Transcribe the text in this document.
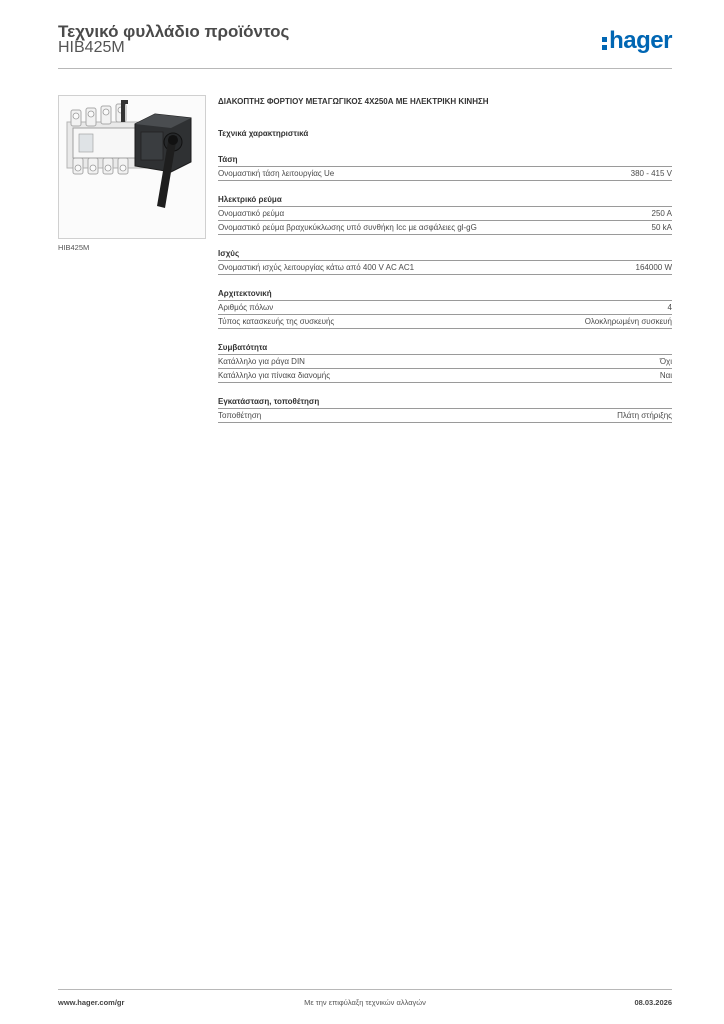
Τεχνικό φυλλάδιο προϊόντος
HIB425M	hager
HIB425M
ΔΙΑΚΟΠΤΗΣ ΦΟΡΤΙΟΥ ΜΕΤΑΓΩΓΙΚΟΣ 4Χ250Α ΜΕ ΗΛΕΚΤΡΙΚΗ ΚΙΝΗΣΗ
Τεχνικά χαρακτηριστικά
Τάση
Ονομαστική τάση λειτουργίας Ue	380 - 415 V
Ηλεκτρικό ρεύμα
Ονομαστικό ρεύμα	250 A
Ονομαστικό ρεύμα βραχυκύκλωσης υπό συνθήκη Icc με ασφάλειες gl-gG	50 kA
Ισχύς
Ονομαστική ισχύς λειτουργίας κάτω από 400 V AC AC1	164000 W
Αρχιτεκτονική
Αριθμός πόλων	4
Τύπος κατασκευής της συσκευής	Ολοκληρωμένη συσκευή
Συμβατότητα
Κατάλληλο για ράγα DIN	Όχι
Κατάλληλο για πίνακα διανομής	Ναι
Εγκατάσταση, τοποθέτηση
Τοποθέτηση	Πλάτη στήριξης
www.hager.com/gr	Με την επιφύλαξη τεχνικών αλλαγών	08.03.2026
